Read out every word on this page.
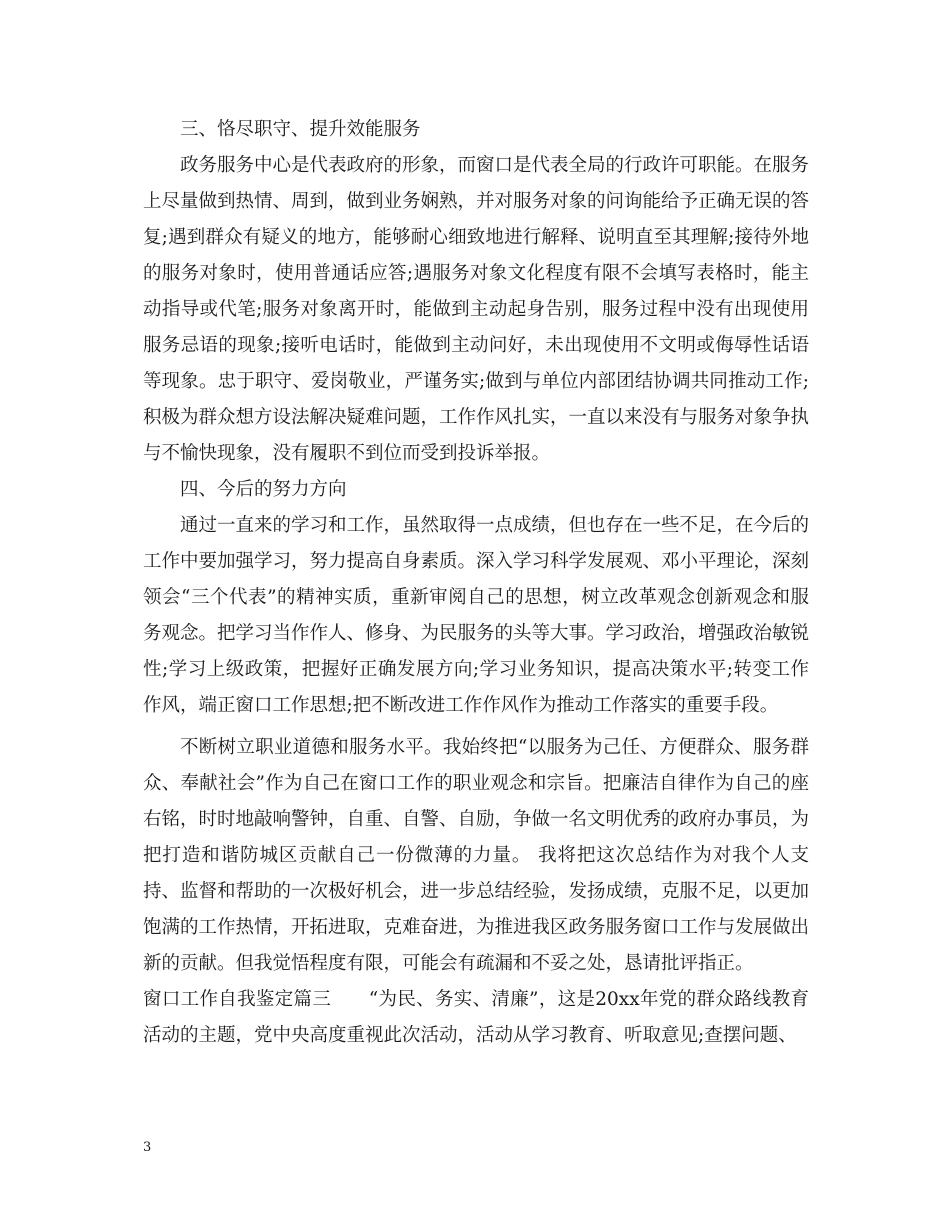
三、恪尽职守、提升效能服务

政务服务中心是代表政府的形象，而窗口是代表全局的行政许可职能。在服务上尽量做到热情、周到，做到业务娴熟，并对服务对象的问询能给予正确无误的答复;遇到群众有疑义的地方，能够耐心细致地进行解释、说明直至其理解;接待外地的服务对象时，使用普通话应答;遇服务对象文化程度有限不会填写表格时，能主动指导或代笔;服务对象离开时，能做到主动起身告别，服务过程中没有出现使用服务忌语的现象;接听电话时，能做到主动问好，未出现使用不文明或侮辱性话语等现象。忠于职守、爱岗敬业，严谨务实;做到与单位内部团结协调共同推动工作;积极为群众想方设法解决疑难问题，工作作风扎实，一直以来没有与服务对象争执与不愉快现象，没有履职不到位而受到投诉举报。

四、今后的努力方向

通过一直来的学习和工作，虽然取得一点成绩，但也存在一些不足，在今后的工作中要加强学习，努力提高自身素质。深入学习科学发展观、邓小平理论，深刻领会“三个代表”的精神实质，重新审阅自己的思想，树立改革观念创新观念和服务观念。把学习当作作人、修身、为民服务的头等大事。学习政治，增强政治敏锐性;学习上级政策，把握好正确发展方向;学习业务知识，提高决策水平;转变工作作风，端正窗口工作思想;把不断改进工作作风作为推动工作落实的重要手段。

不断树立职业道德和服务水平。我始终把“以服务为己任、方便群众、服务群众、奉献社会”作为自己在窗口工作的职业观念和宗旨。把廉洁自律作为自己的座右铭，时时地敲响警钟，自重、自警、自励，争做一名文明优秀的政府办事员，为把打造和谐防城区贡献自己一份微薄的力量。 我将把这次总结作为对我个人支持、监督和帮助的一次极好机会，进一步总结经验，发扬成绩，克服不足，以更加饱满的工作热情，开拓进取，克难奋进，为推进我区政务服务窗口工作与发展做出新的贡献。但我觉悟程度有限，可能会有疏漏和不妥之处，恳请批评指正。

窗口工作自我鉴定篇三　　 “为民、务实、清廉”，这是20xx年党的群众路线教育活动的主题，党中央高度重视此次活动，活动从学习教育、听取意见;查摆问题、

3
